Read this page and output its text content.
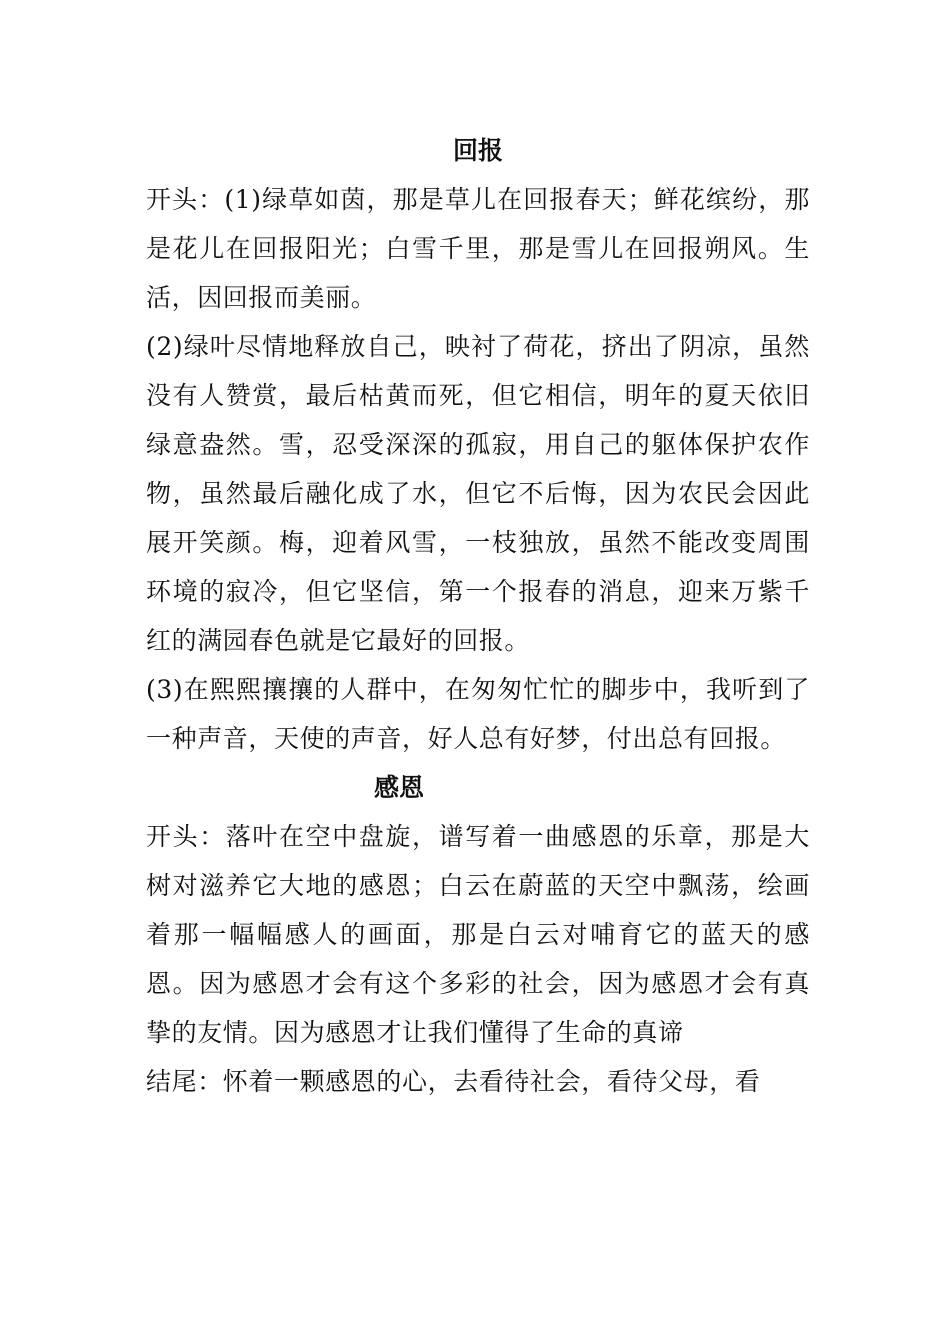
回报

开头：(1)绿草如茵，那是草儿在回报春天；鲜花缤纷，那是花儿在回报阳光；白雪千里，那是雪儿在回报朔风。生活，因回报而美丽。

(2)绿叶尽情地释放自己，映衬了荷花，挤出了阴凉，虽然没有人赞赏，最后枯黄而死，但它相信，明年的夏天依旧绿意盎然。雪，忍受深深的孤寂，用自己的躯体保护农作物，虽然最后融化成了水，但它不后悔，因为农民会因此展开笑颜。梅，迎着风雪，一枝独放，虽然不能改变周围环境的寂冷，但它坚信，第一个报春的消息，迎来万紫千红的满园春色就是它最好的回报。

(3)在熙熙攘攘的人群中，在匆匆忙忙的脚步中，我听到了一种声音，天使的声音，好人总有好梦，付出总有回报。

感恩

开头：落叶在空中盘旋，谱写着一曲感恩的乐章，那是大树对滋养它大地的感恩；白云在蔚蓝的天空中飘荡，绘画着那一幅幅感人的画面，那是白云对哺育它的蓝天的感恩。因为感恩才会有这个多彩的社会，因为感恩才会有真挚的友情。因为感恩才让我们懂得了生命的真谛

结尾：怀着一颗感恩的心，去看待社会，看待父母，看
